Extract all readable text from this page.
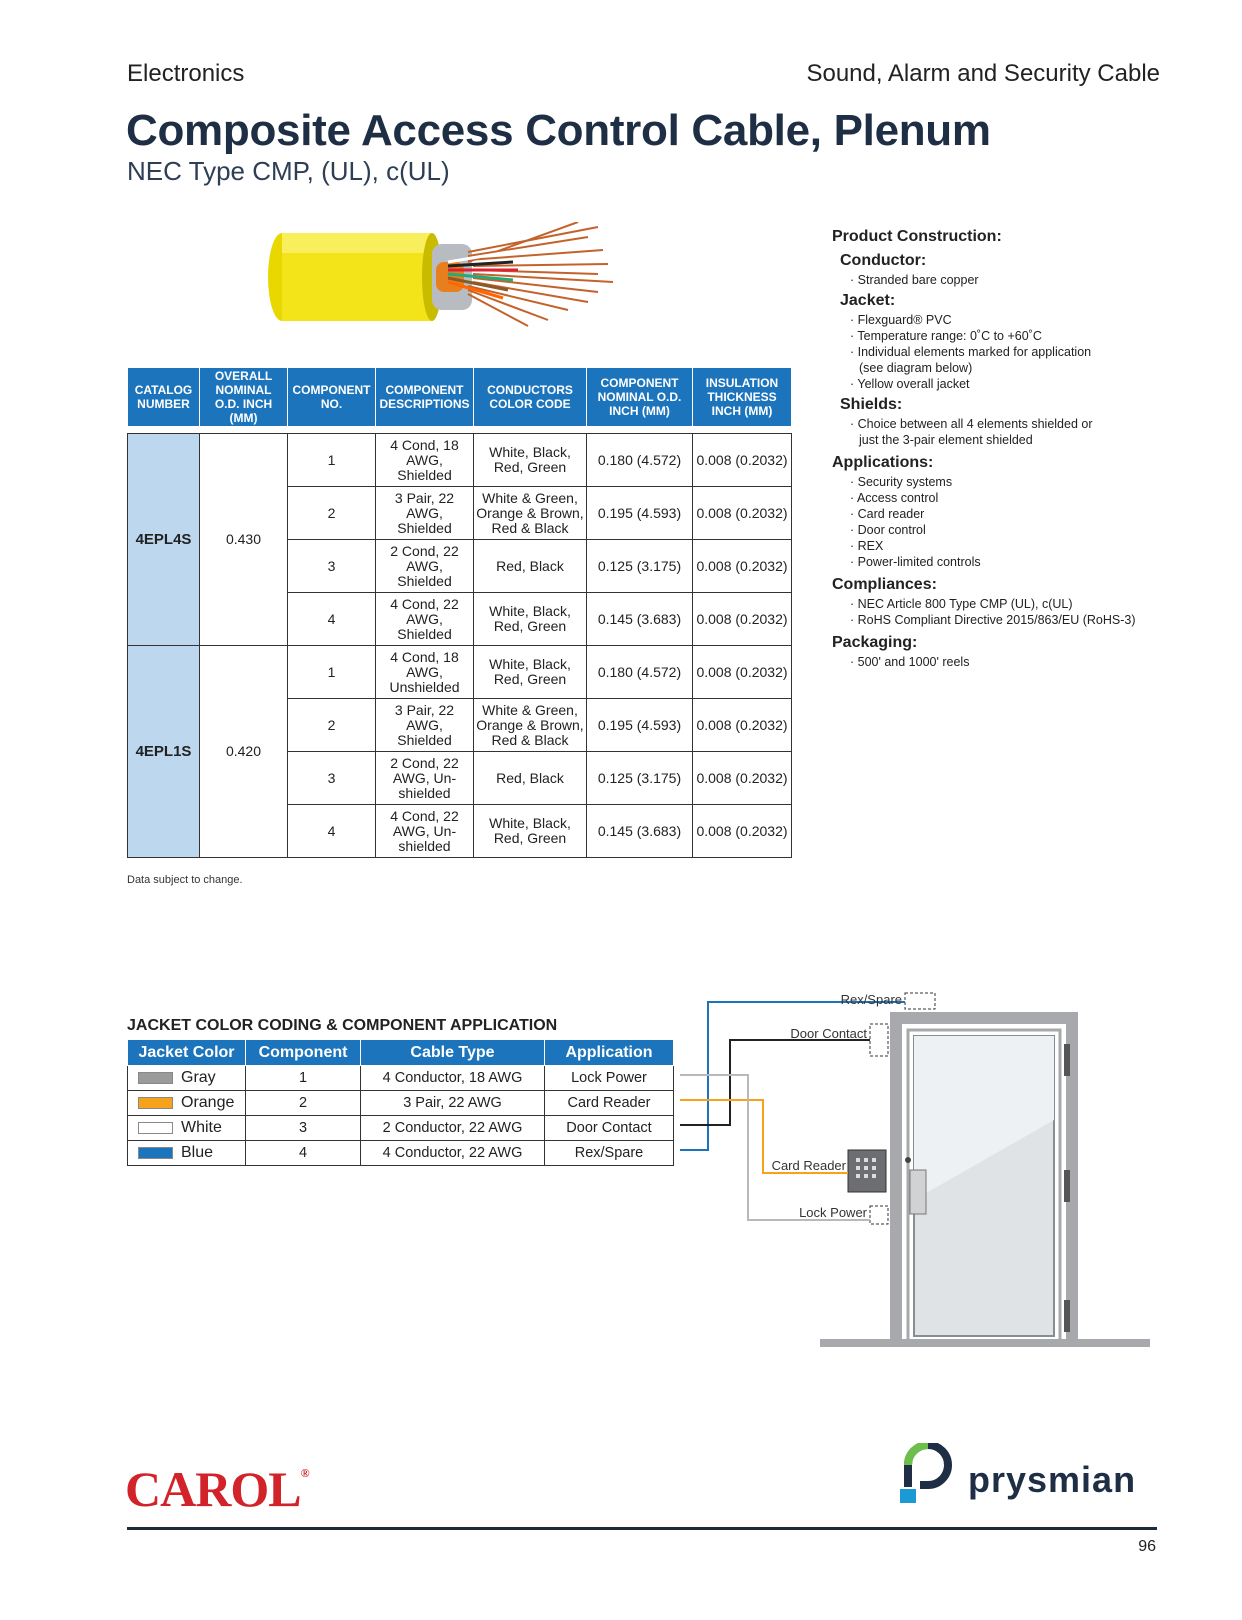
Electronics	Sound, Alarm and Security Cable
Composite Access Control Cable, Plenum
NEC Type CMP, (UL), c(UL)
CATALOG NUMBER	OVERALL NOMINAL O.D. INCH (MM)	COMPONENT NO.	COMPONENT DESCRIPTIONS	CONDUCTORS COLOR CODE	COMPONENT NOMINAL O.D. INCH (MM)	INSULATION THICKNESS INCH (MM)

4EPL4S	0.430	1	4 Cond, 18 AWG, Shielded	White, Black, Red, Green	0.180 (4.572)	0.008 (0.2032)
		2	3 Pair, 22 AWG, Shielded	White & Green, Orange & Brown, Red & Black	0.195 (4.593)	0.008 (0.2032)
		3	2 Cond, 22 AWG, Shielded	Red, Black	0.125 (3.175)	0.008 (0.2032)
		4	4 Cond, 22 AWG, Shielded	White, Black, Red, Green	0.145 (3.683)	0.008 (0.2032)
4EPL1S	0.420	1	4 Cond, 18 AWG, Unshielded	White, Black, Red, Green	0.180 (4.572)	0.008 (0.2032)
		2	3 Pair, 22 AWG, Shielded	White & Green, Orange & Brown, Red & Black	0.195 (4.593)	0.008 (0.2032)
		3	2 Cond, 22 AWG, Un-shielded	Red, Black	0.125 (3.175)	0.008 (0.2032)
		4	4 Cond, 22 AWG, Un-shielded	White, Black, Red, Green	0.145 (3.683)	0.008 (0.2032)
Data subject to change.
Product Construction:
Conductor:
· Stranded bare copper
Jacket:
· Flexguard® PVC
· Temperature range: 0˚C to +60˚C
· Individual elements marked for application
(see diagram below)
· Yellow overall jacket
Shields:
· Choice between all 4 elements shielded or
just the 3-pair element shielded
Applications:
· Security systems
· Access control
· Card reader
· Door control
· REX
· Power-limited controls
Compliances:
· NEC Article 800 Type CMP (UL), c(UL)
· RoHS Compliant Directive 2015/863/EU (RoHS-3)
Packaging:
· 500' and 1000' reels
JACKET COLOR CODING & COMPONENT APPLICATION
Jacket Color	Component	Cable Type	Application
Gray	1	4 Conductor, 18 AWG	Lock Power
Orange	2	3 Pair, 22 AWG	Card Reader
White	3	2 Conductor, 22 AWG	Door Contact
Blue	4	4 Conductor, 22 AWG	Rex/Spare
Rex/Spare
Door Contact
Card Reader
Lock Power
CAROL®	prysmian
96
